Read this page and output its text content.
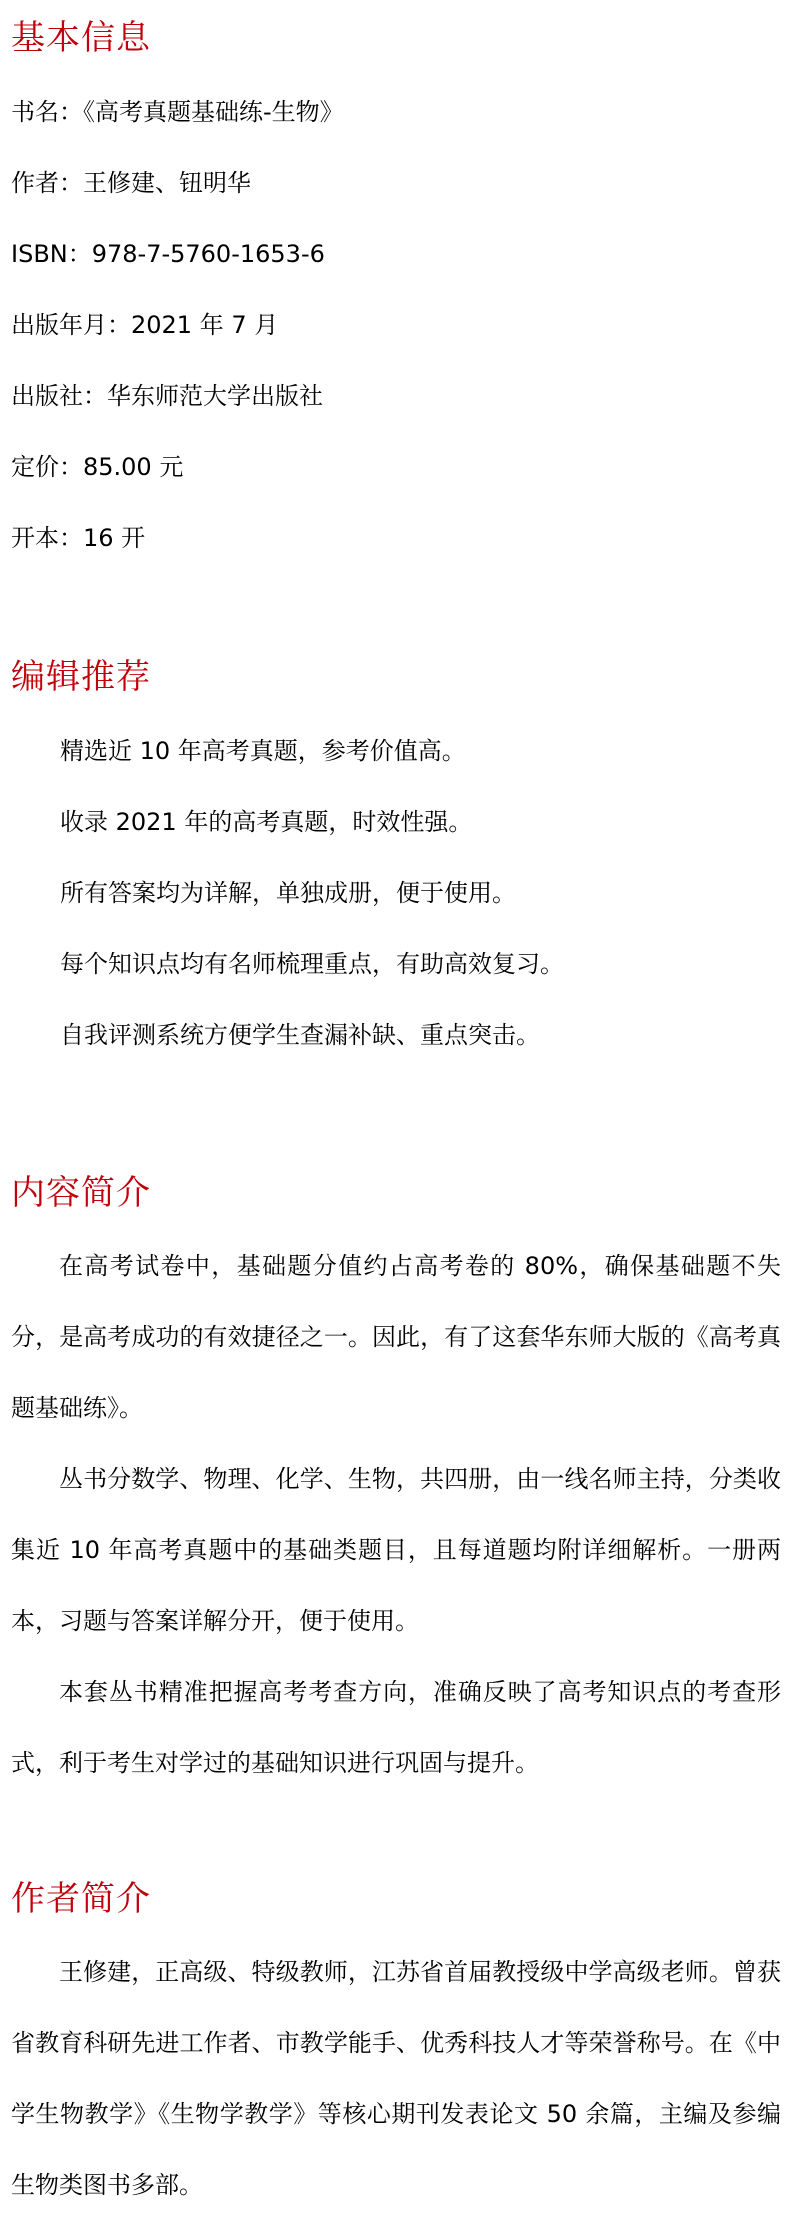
基本信息

书名：《高考真题基础练-生物》

作者：王修建、钮明华

ISBN：978-7-5760-1653-6

出版年月：2021 年 7 月

出版社：华东师范大学出版社

定价：85.00 元

开本：16 开

编辑推荐

精选近 10 年高考真题，参考价值高。

收录 2021 年的高考真题，时效性强。

所有答案均为详解，单独成册，便于使用。

每个知识点均有名师梳理重点，有助高效复习。

自我评测系统方便学生查漏补缺、重点突击。

内容简介

在高考试卷中，基础题分值约占高考卷的 80%，确保基础题不失分，是高考成功的有效捷径之一。因此，有了这套华东师大版的《高考真题基础练》。

丛书分数学、物理、化学、生物，共四册，由一线名师主持，分类收集近 10 年高考真题中的基础类题目，且每道题均附详细解析。一册两本，习题与答案详解分开，便于使用。

本套丛书精准把握高考考查方向，准确反映了高考知识点的考查形式，利于考生对学过的基础知识进行巩固与提升。

作者简介

王修建，正高级、特级教师，江苏省首届教授级中学高级老师。曾获省教育科研先进工作者、市教学能手、优秀科技人才等荣誉称号。在《中学生物教学》《生物学教学》等核心期刊发表论文 50 余篇，主编及参编生物类图书多部。
